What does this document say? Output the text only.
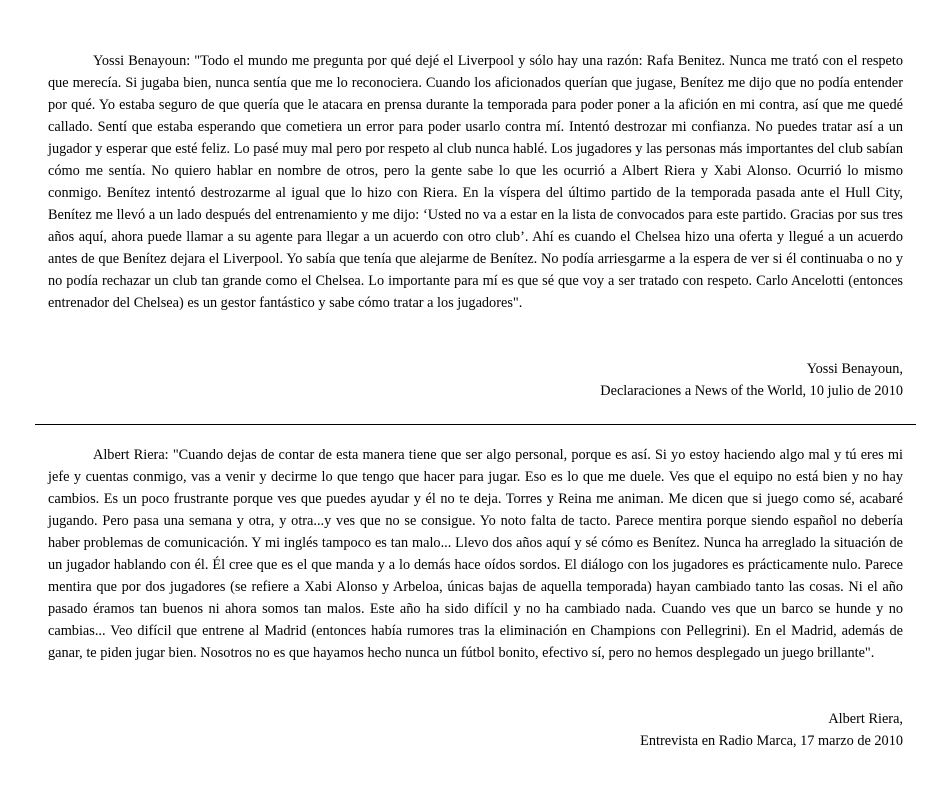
Yossi Benayoun: "Todo el mundo me pregunta por qué dejé el Liverpool y sólo hay una razón: Rafa Benitez. Nunca me trató con el respeto que merecía. Si jugaba bien, nunca sentía que me lo reconociera. Cuando los aficionados querían que jugase, Benítez me dijo que no podía entender por qué. Yo estaba seguro de que quería que le atacara en prensa durante la temporada para poder poner a la afición en mi contra, así que me quedé callado. Sentí que estaba esperando que cometiera un error para poder usarlo contra mí. Intentó destrozar mi confianza. No puedes tratar así a un jugador y esperar que esté feliz. Lo pasé muy mal pero por respeto al club nunca hablé. Los jugadores y las personas más importantes del club sabían cómo me sentía. No quiero hablar en nombre de otros, pero la gente sabe lo que les ocurrió a Albert Riera y Xabi Alonso. Ocurrió lo mismo conmigo. Benítez intentó destrozarme al igual que lo hizo con Riera. En la víspera del último partido de la temporada pasada ante el Hull City, Benítez me llevó a un lado después del entrenamiento y me dijo: ‘Usted no va a estar en la lista de convocados para este partido. Gracias por sus tres años aquí, ahora puede llamar a su agente para llegar a un acuerdo con otro club’. Ahí es cuando el Chelsea hizo una oferta y llegué a un acuerdo antes de que Benítez dejara el Liverpool. Yo sabía que tenía que alejarme de Benítez. No podía arriesgarme a la espera de ver si él continuaba o no y no podía rechazar un club tan grande como el Chelsea. Lo importante para mí es que sé que voy a ser tratado con respeto. Carlo Ancelotti (entonces entrenador del Chelsea) es un gestor fantástico y sabe cómo tratar a los jugadores".

Yossi Benayoun,
Declaraciones a News of the World, 10 julio de 2010

Albert Riera: "Cuando dejas de contar de esta manera tiene que ser algo personal, porque es así. Si yo estoy haciendo algo mal y tú eres mi jefe y cuentas conmigo, vas a venir y decirme lo que tengo que hacer para jugar. Eso es lo que me duele. Ves que el equipo no está bien y no hay cambios. Es un poco frustrante porque ves que puedes ayudar y él no te deja. Torres y Reina me animan. Me dicen que si juego como sé, acabaré jugando. Pero pasa una semana y otra, y otra...y ves que no se consigue. Yo noto falta de tacto. Parece mentira porque siendo español no debería haber problemas de comunicación. Y mi inglés tampoco es tan malo... Llevo dos años aquí y sé cómo es Benítez. Nunca ha arreglado la situación de un jugador hablando con él. Él cree que es el que manda y a lo demás hace oídos sordos. El diálogo con los jugadores es prácticamente nulo. Parece mentira que por dos jugadores (se refiere a Xabi Alonso y Arbeloa, únicas bajas de aquella temporada) hayan cambiado tanto las cosas. Ni el año pasado éramos tan buenos ni ahora somos tan malos. Este año ha sido difícil y no ha cambiado nada. Cuando ves que un barco se hunde y no cambias... Veo difícil que entrene al Madrid (entonces había rumores tras la eliminación en Champions con Pellegrini). En el Madrid, además de ganar, te piden jugar bien. Nosotros no es que hayamos hecho nunca un fútbol bonito, efectivo sí, pero no hemos desplegado un juego brillante".

Albert Riera,
Entrevista en Radio Marca, 17 marzo de 2010
